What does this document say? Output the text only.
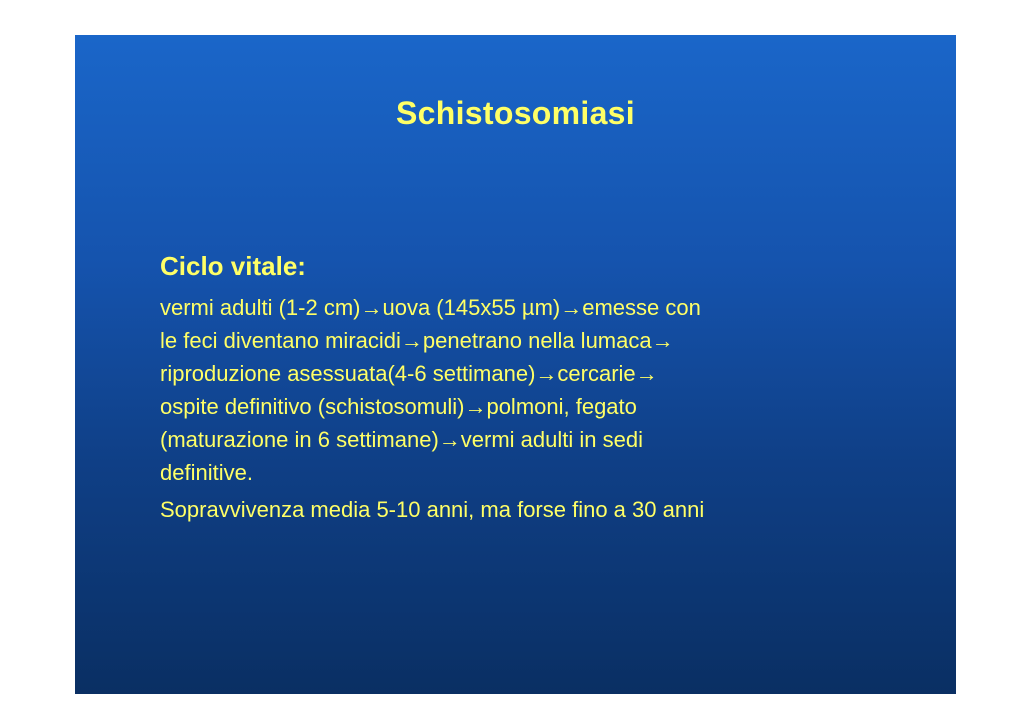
Schistosomiasi
Ciclo vitale:
vermi adulti (1-2 cm)→uova (145x55 µm)→emesse con
le feci diventano miracidi→penetrano nella lumaca→
riproduzione asessuata(4-6 settimane)→cercarie→
ospite definitivo (schistosomuli)→polmoni, fegato
(maturazione in 6 settimane)→vermi adulti in sedi
definitive.
Sopravvivenza media 5-10 anni, ma forse fino a 30 anni
